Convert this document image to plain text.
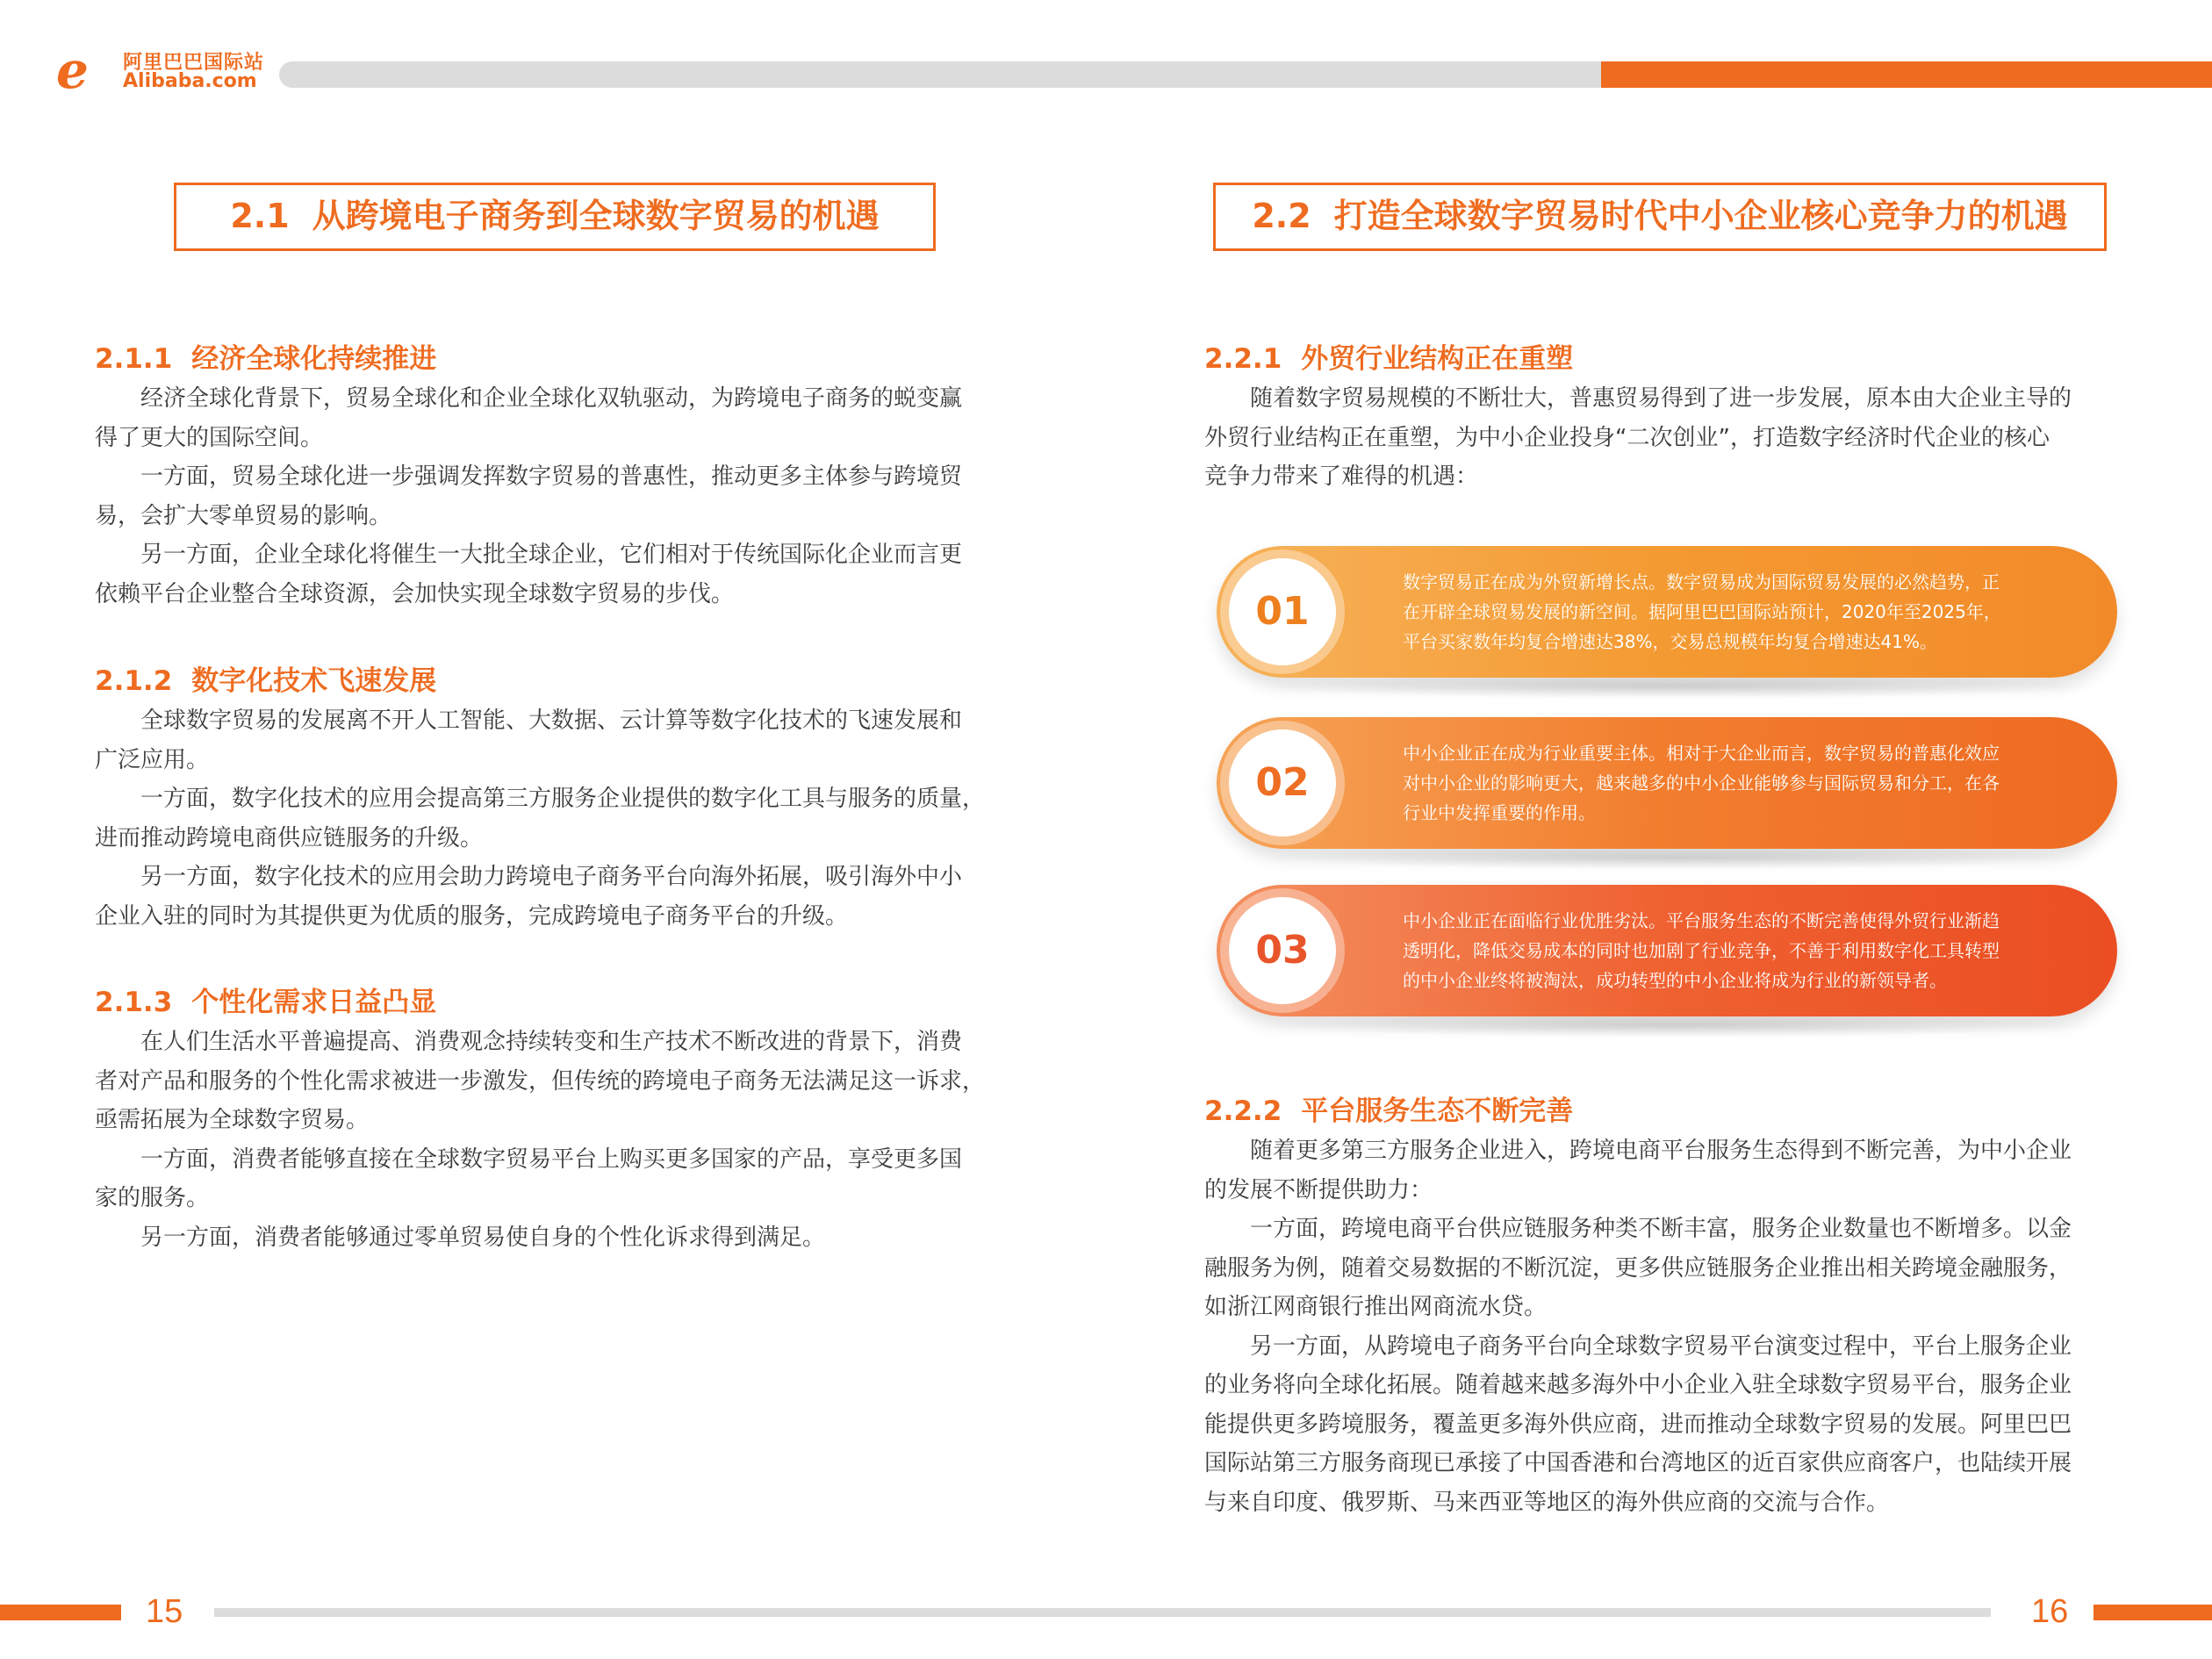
e 阿里巴巴国际站
Alibaba.com
2.1 从跨境电子商务到全球数字贸易的机遇
2.1.1 经济全球化持续推进
　　经济全球化背景下，贸易全球化和企业全球化双轨驱动，为跨境电子商务的蜕变赢
得了更大的国际空间。
　　一方面，贸易全球化进一步强调发挥数字贸易的普惠性，推动更多主体参与跨境贸
易，会扩大零单贸易的影响。
　　另一方面，企业全球化将催生一大批全球企业，它们相对于传统国际化企业而言更
依赖平台企业整合全球资源，会加快实现全球数字贸易的步伐。
2.1.2 数字化技术飞速发展
　　全球数字贸易的发展离不开人工智能、大数据、云计算等数字化技术的飞速发展和
广泛应用。
　　一方面，数字化技术的应用会提高第三方服务企业提供的数字化工具与服务的质量，
进而推动跨境电商供应链服务的升级。
　　另一方面，数字化技术的应用会助力跨境电子商务平台向海外拓展，吸引海外中小
企业入驻的同时为其提供更为优质的服务，完成跨境电子商务平台的升级。
2.1.3 个性化需求日益凸显
　　在人们生活水平普遍提高、消费观念持续转变和生产技术不断改进的背景下，消费
者对产品和服务的个性化需求被进一步激发，但传统的跨境电子商务无法满足这一诉求，
亟需拓展为全球数字贸易。
　　一方面，消费者能够直接在全球数字贸易平台上购买更多国家的产品，享受更多国
家的服务。
　　另一方面，消费者能够通过零单贸易使自身的个性化诉求得到满足。
2.2 打造全球数字贸易时代中小企业核心竞争力的机遇
2.2.1 外贸行业结构正在重塑
　　随着数字贸易规模的不断壮大，普惠贸易得到了进一步发展，原本由大企业主导的
外贸行业结构正在重塑，为中小企业投身“二次创业”，打造数字经济时代企业的核心
竞争力带来了难得的机遇：
01
数字贸易正在成为外贸新增长点。数字贸易成为国际贸易发展的必然趋势，正
在开辟全球贸易发展的新空间。据阿里巴巴国际站预计，2020年至2025年，
平台买家数年均复合增速达38%，交易总规模年均复合增速达41%。
02
中小企业正在成为行业重要主体。相对于大企业而言，数字贸易的普惠化效应
对中小企业的影响更大，越来越多的中小企业能够参与国际贸易和分工，在各
行业中发挥重要的作用。
03
中小企业正在面临行业优胜劣汰。平台服务生态的不断完善使得外贸行业渐趋
透明化，降低交易成本的同时也加剧了行业竞争，不善于利用数字化工具转型
的中小企业终将被淘汰，成功转型的中小企业将成为行业的新领导者。
2.2.2 平台服务生态不断完善
　　随着更多第三方服务企业进入，跨境电商平台服务生态得到不断完善，为中小企业
的发展不断提供助力：
　　一方面，跨境电商平台供应链服务种类不断丰富，服务企业数量也不断增多。以金
融服务为例，随着交易数据的不断沉淀，更多供应链服务企业推出相关跨境金融服务，
如浙江网商银行推出网商流水贷。
　　另一方面，从跨境电子商务平台向全球数字贸易平台演变过程中，平台上服务企业
的业务将向全球化拓展。随着越来越多海外中小企业入驻全球数字贸易平台，服务企业
能提供更多跨境服务，覆盖更多海外供应商，进而推动全球数字贸易的发展。阿里巴巴
国际站第三方服务商现已承接了中国香港和台湾地区的近百家供应商客户，也陆续开展
与来自印度、俄罗斯、马来西亚等地区的海外供应商的交流与合作。
15	16
